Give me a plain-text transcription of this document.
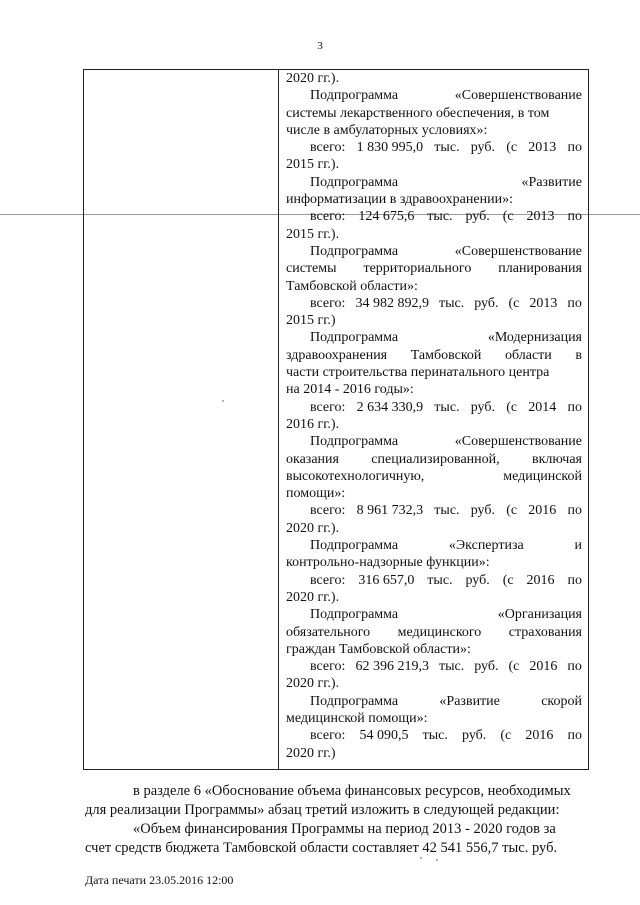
3
2020 гг.).
Подпрограмма	«Совершенствование
системы лекарственного обеспечения, в том
числе в амбулаторных условиях»:
всего: 1 830 995,0 тыс. руб. (с 2013 по
2015 гг.).
Подпрограмма	«Развитие
информатизации в здравоохранении»:
всего: 124 675,6 тыс. руб. (с 2013 по
2015 гг.).
Подпрограмма	«Совершенствование
системы территориального планирования
Тамбовской области»:
всего: 34 982 892,9 тыс. руб. (с 2013 по
2015 гг.)
Подпрограмма	«Модернизация
здравоохранения Тамбовской области в
части строительства перинатального центра
на 2014 - 2016 годы»:
всего: 2 634 330,9 тыс. руб. (с 2014 по
2016 гг.).
Подпрограмма	«Совершенствование
оказания специализированной, включая
высокотехнологичную,	медицинской
помощи»:
всего: 8 961 732,3 тыс. руб. (с 2016 по
2020 гг.).
Подпрограмма	«Экспертиза	и
контрольно-надзорные функции»:
всего: 316 657,0 тыс. руб. (с 2016 по
2020 гг.).
Подпрограмма	«Организация
обязательного медицинского страхования
граждан Тамбовской области»:
всего: 62 396 219,3 тыс. руб. (с 2016 по
2020 гг.).
Подпрограмма	«Развитие	скорой
медицинской помощи»:
всего: 54 090,5 тыс. руб. (с 2016 по
2020 гг.)
в разделе 6 «Обоснование объема финансовых ресурсов, необходимых
для реализации Программы» абзац третий изложить в следующей редакции:
«Объем финансирования Программы на период 2013 - 2020 годов за
счет средств бюджета Тамбовской области составляет 42 541 556,7 тыс. руб.
Дата печати 23.05.2016 12:00
